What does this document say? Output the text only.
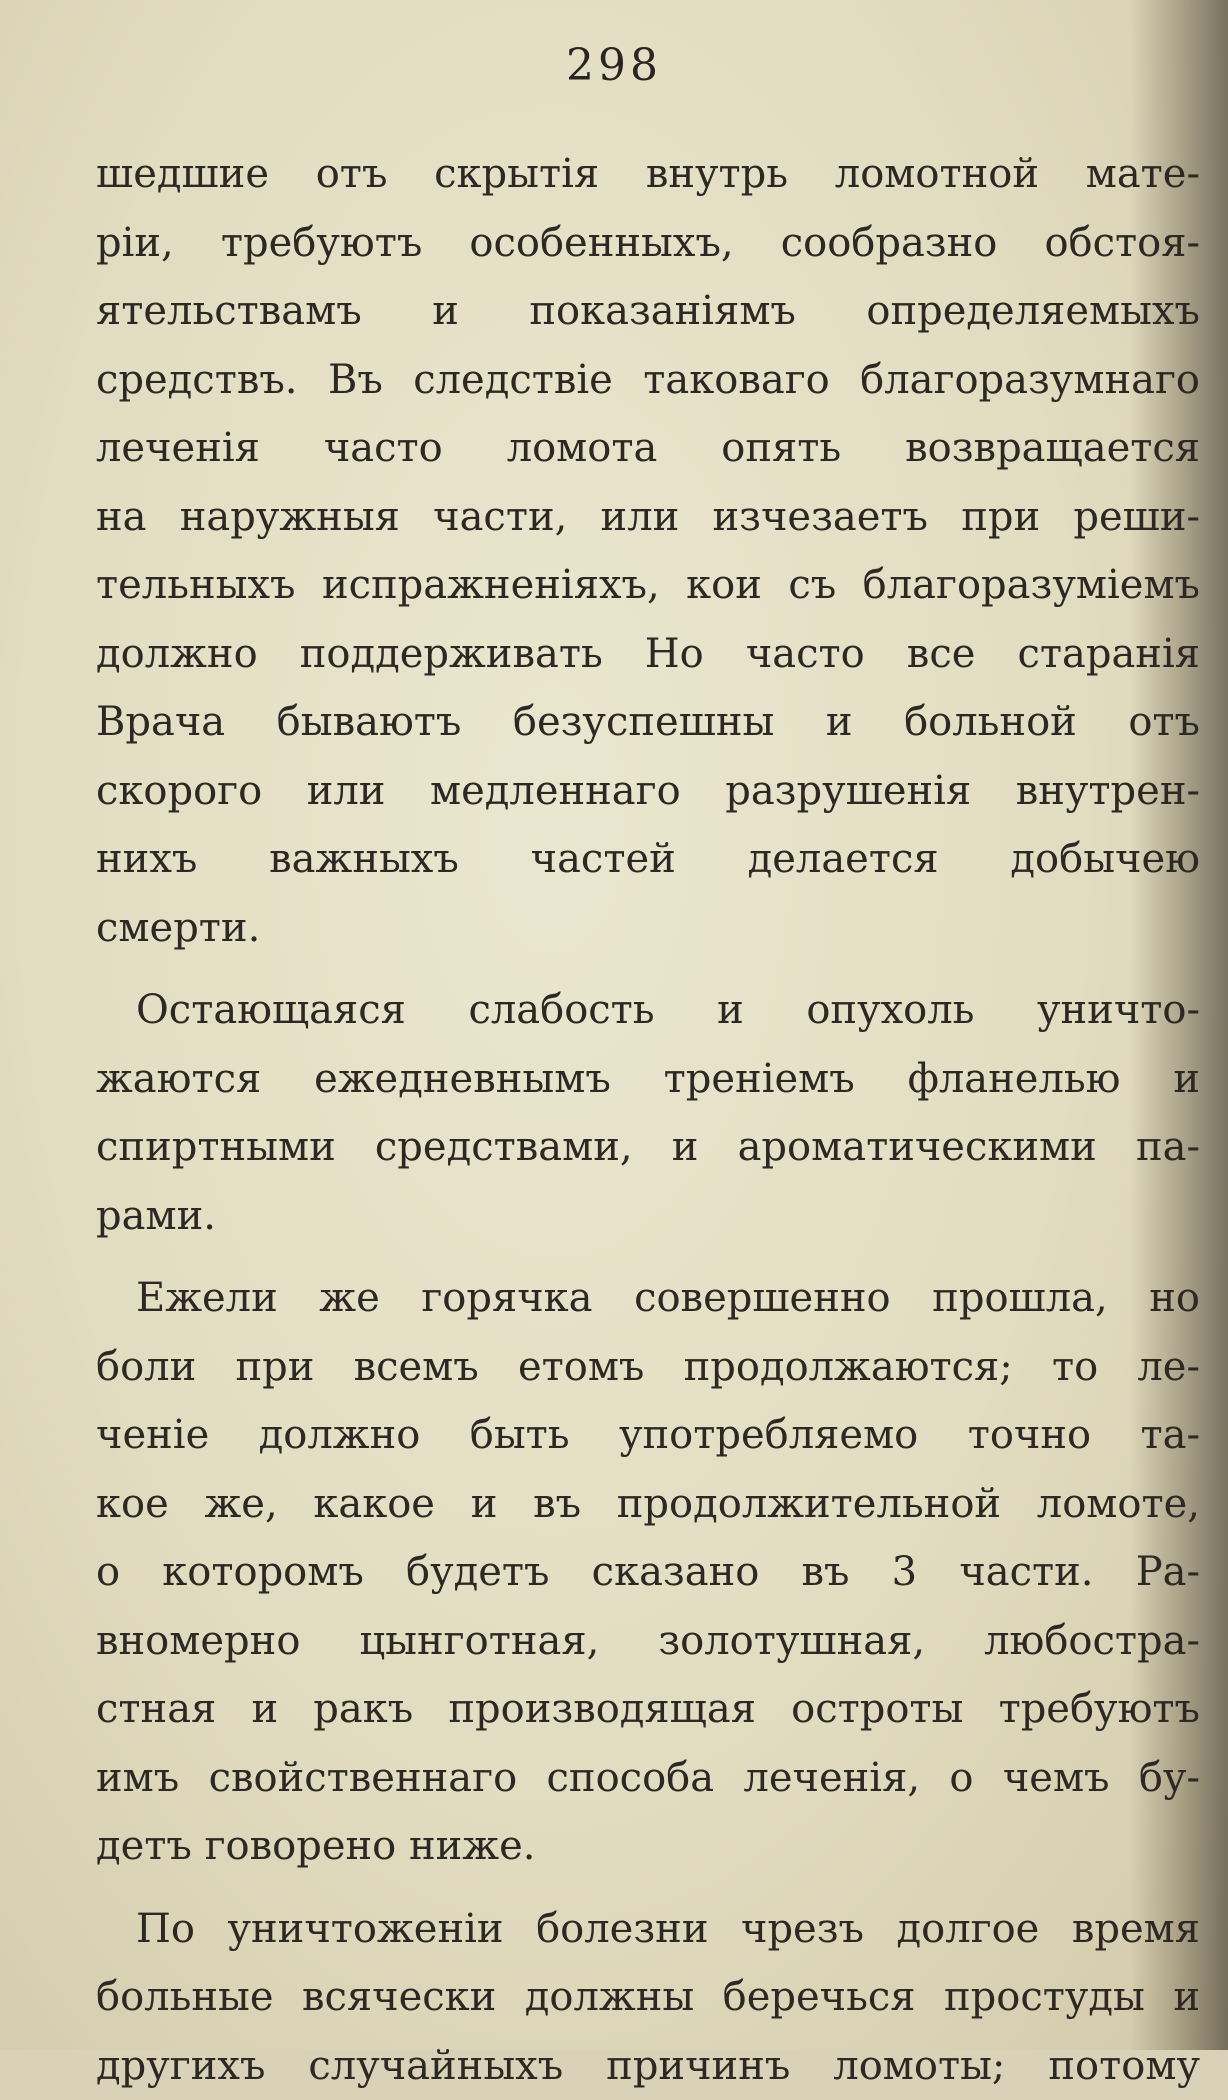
298
шедшие отъ скрытія внутрь ломотной мате-
ріи, требуютъ особенныхъ, сообразно обстоя-
ятельствамъ и показаніямъ определяемыхъ
средствъ. Въ следствіе таковаго благоразумнаго
леченія часто ломота опять возвращается
на наружныя части, или изчезаетъ при реши-
тельныхъ испражненіяхъ, кои съ благоразуміемъ
должно поддерживать Но часто все старанія
Врача бываютъ безуспешны и больной отъ
скорого или медленнаго разрушенія внутрен-
нихъ важныхъ частей делается добычею
смерти.
Остающаяся слабость и опухоль уничто-
жаются ежедневнымъ треніемъ фланелью и
спиртными средствами, и ароматическими па-
рами.
Ежели же горячка совершенно прошла, но
боли при всемъ етомъ продолжаются; то ле-
ченіе должно быть употребляемо точно та-
кое же, какое и въ продолжительной ломоте,
о которомъ будетъ сказано въ 3 части. Ра-
вномерно цынготная, золотушная, любостра-
стная и ракъ производящая остроты требуютъ
имъ свойственнаго способа леченія, о чемъ бу-
детъ говорено ниже.
По уничтоженіи болезни чрезъ долгое время
больные всячески должны беречься простуды и
другихъ случайныхъ причинъ ломоты; потому
